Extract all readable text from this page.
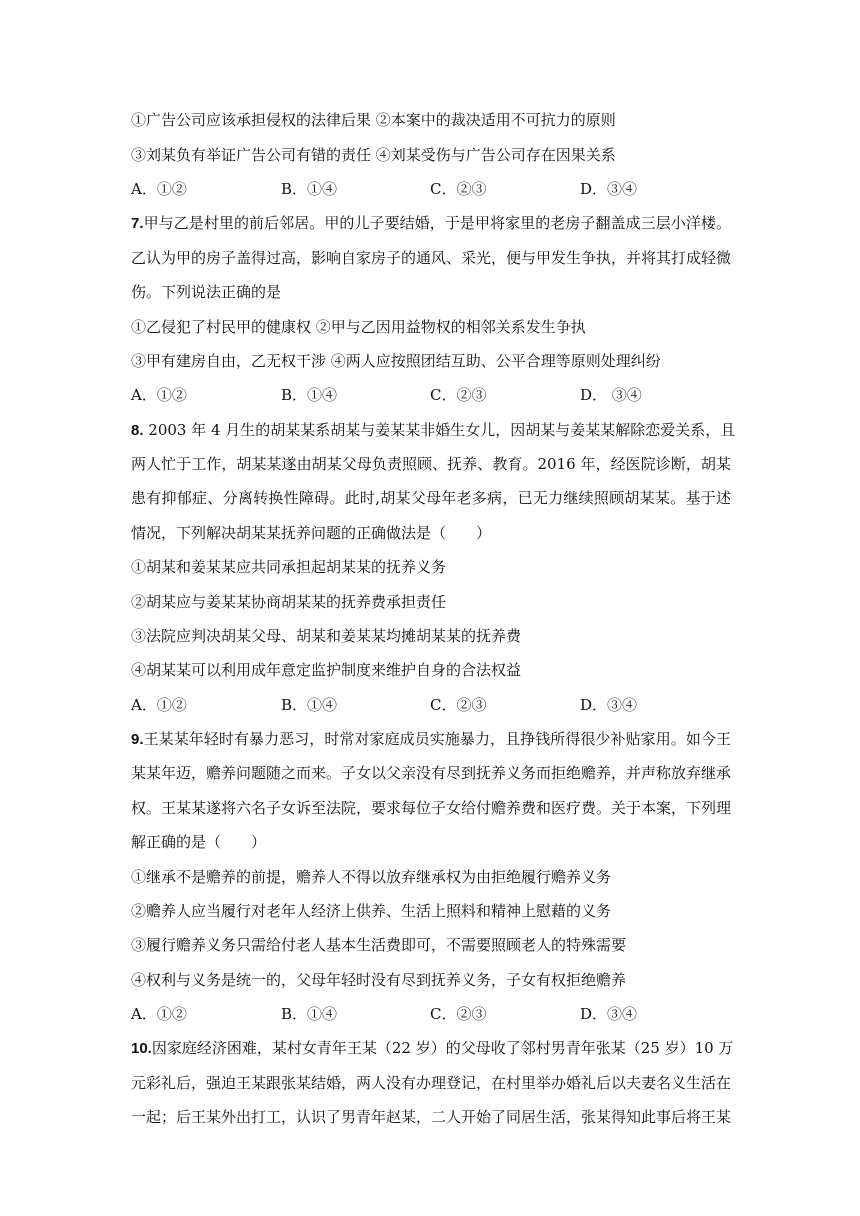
①广告公司应该承担侵权的法律后果 ②本案中的裁决适用不可抗力的原则
③刘某负有举证广告公司有错的责任 ④刘某受伤与广告公司存在因果关系
A．①②	B．①④	C．②③	D．③④
7.甲与乙是村里的前后邻居。甲的儿子要结婚，于是甲将家里的老房子翻盖成三层小洋楼。
乙认为甲的房子盖得过高，影响自家房子的通风、采光，便与甲发生争执，并将其打成轻微
伤。下列说法正确的是
①乙侵犯了村民甲的健康权 ②甲与乙因用益物权的相邻关系发生争执
③甲有建房自由，乙无权干涉 ④两人应按照团结互助、公平合理等原则处理纠纷
A．①②	B．①④	C．②③	D． ③④
8. 2003 年 4 月生的胡某某系胡某与姜某某非婚生女儿，因胡某与姜某某解除恋爱关系，且
两人忙于工作，胡某某遂由胡某父母负责照顾、抚养、教育。2016 年，经医院诊断，胡某
患有抑郁症、分离转换性障碍。此时,胡某父母年老多病，已无力继续照顾胡某某。基于述
情况，下列解决胡某某抚养问题的正确做法是（　　）
①胡某和姜某某应共同承担起胡某某的抚养义务
②胡某应与姜某某协商胡某某的抚养费承担责任
③法院应判决胡某父母、胡某和姜某某均摊胡某某的抚养费
④胡某某可以利用成年意定监护制度来维护自身的合法权益
A．①②	B．①④	C．②③	D．③④
9.王某某年轻时有暴力恶习，时常对家庭成员实施暴力，且挣钱所得很少补贴家用。如今王
某某年迈，赡养问题随之而来。子女以父亲没有尽到抚养义务而拒绝赡养，并声称放弃继承
权。王某某遂将六名子女诉至法院，要求每位子女给付赡养费和医疗费。关于本案，下列理
解正确的是（　　）
①继承不是赡养的前提，赡养人不得以放弃继承权为由拒绝履行赡养义务
②赡养人应当履行对老年人经济上供养、生活上照料和精神上慰藉的义务
③履行赡养义务只需给付老人基本生活费即可，不需要照顾老人的特殊需要
④权利与义务是统一的，父母年轻时没有尽到抚养义务，子女有权拒绝赡养
A．①②	B．①④	C．②③	D．③④
10.因家庭经济困难，某村女青年王某（22 岁）的父母收了邻村男青年张某（25 岁）10 万
元彩礼后，强迫王某跟张某结婚，两人没有办理登记，在村里举办婚礼后以夫妻名义生活在
一起；后王某外出打工，认识了男青年赵某，二人开始了同居生活，张某得知此事后将王某
